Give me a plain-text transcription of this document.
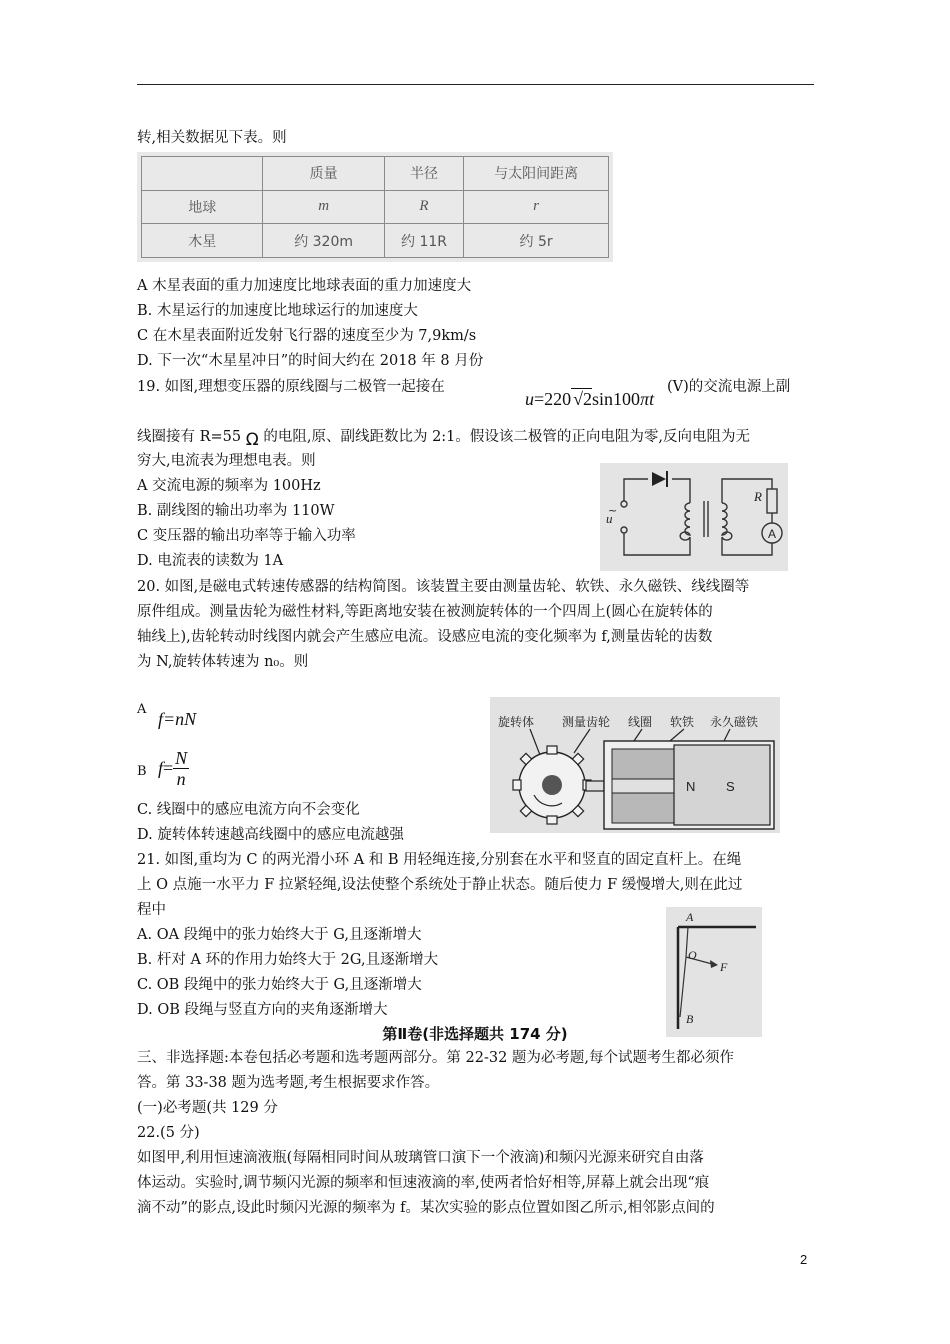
转,相关数据见下表。则
	质量	半径	与太阳间距离
地球	m	R	r
木星	约 320m	约 11R	约 5r
A 木星表面的重力加速度比地球表面的重力加速度大
B. 木星运行的加速度比地球运行的加速度大
C 在木星表面附近发射飞行器的速度至少为 7,9km/s
D. 下一次“木星星冲日”的时间大约在 2018 年 8 月份
19. 如图,理想变压器的原线圈与二极管一起接在
u=220 √2sin100πt
(V)的交流电源上副
线圈接有 R=55 Ω 的电阻,原、副线距数比为 2:1。假设该二极管的正向电阻为零,反向电阻为无
穷大,电流表为理想电表。则
A 交流电源的频率为 100Hz
B. 副线图的输出功率为 110W
C 变压器的输出功率等于输入功率
D. 电流表的读数为 1A
u
~
R
A
20. 如图,是磁电式转速传感器的结构简图。该装置主要由测量齿轮、软铁、永久磁铁、线线圈等
原件组成。测量齿轮为磁性材料,等距离地安装在被测旋转体的一个四周上(圆心在旋转体的
轴线上),齿轮转动时线图内就会产生感应电流。设感应电流的变化频率为 f,测量齿轮的齿数
为 N,旋转体转速为 n₀。则
A f=nN
B $f= \frac{N}{n}$
C. 线圈中的感应电流方向不会变化
D. 旋转体转速越高线圈中的感应电流越强
旋转体 测量齿轮 线圈 软铁 永久磁铁
N S
21. 如图,重均为 C 的两光滑小环 A 和 B 用轻绳连接,分别套在水平和竖直的固定直杆上。在绳
上 O 点施一水平力 F 拉紧轻绳,设法使整个系统处于静止状态。随后使力 F 缓慢增大,则在此过
程中
A. OA 段绳中的张力始终大于 G,且逐渐增大
B. 杆对 A 环的作用力始终大于 2G,且逐渐增大
C. OB 段绳中的张力始终大于 G,且逐渐增大
D. OB 段绳与竖直方向的夹角逐渐增大
A
O
F
B
第Ⅱ卷(非选择题共 174 分)
三、非选择题:本卷包括必考题和选考题两部分。第 22-32 题为必考题,每个试题考生都必须作
答。第 33-38 题为选考题,考生根据要求作答。
(一)必考题(共 129 分
22.(5 分)
如图甲,利用恒速滴液瓶(每隔相同时间从玻璃管口演下一个液滴)和频闪光源来研究自由落
体运动。实验时,调节频闪光源的频率和恒速液滴的率,使两者恰好相等,屏幕上就会出现“痕
滴不动”的影点,设此时频闪光源的频率为 f。某次实验的影点位置如图乙所示,相邻影点间的
2
